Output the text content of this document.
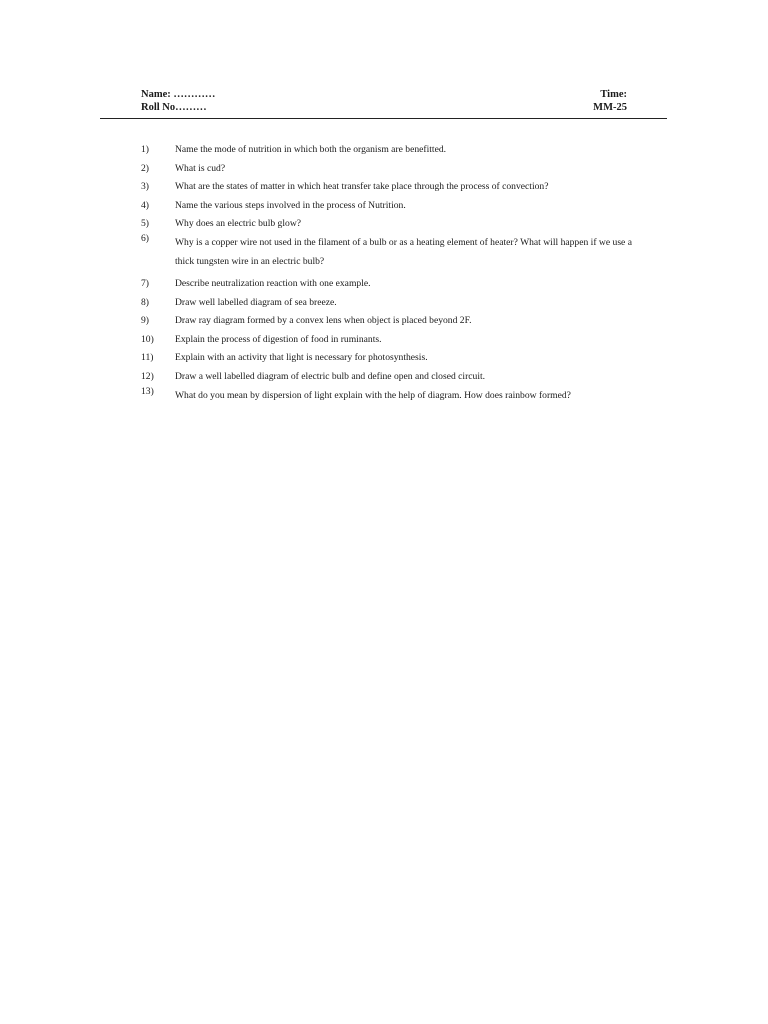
Name: …………
Roll No………
Time:
MM-25
1)	Name the mode of nutrition in which both the organism are benefitted.
2)	What is cud?
3)	What are the states of matter in which heat transfer take place through the process of convection?
4)	Name the various steps involved in the process of Nutrition.
5)	Why does an electric bulb glow?
6)	Why is a copper wire not used in the filament of a bulb or as a heating element of heater? What will happen if we use a thick tungsten wire in an electric bulb?
7)	Describe neutralization reaction with one example.
8)	Draw well labelled diagram of sea breeze.
9)	Draw ray diagram formed by a convex lens when object is placed beyond 2F.
10)	Explain the process of digestion of food in ruminants.
11)	Explain with an activity that light is necessary for photosynthesis.
12)	Draw a well labelled diagram of electric bulb and define open and closed circuit.
13)	What do you mean by dispersion of light explain with the help of diagram. How does rainbow formed?
